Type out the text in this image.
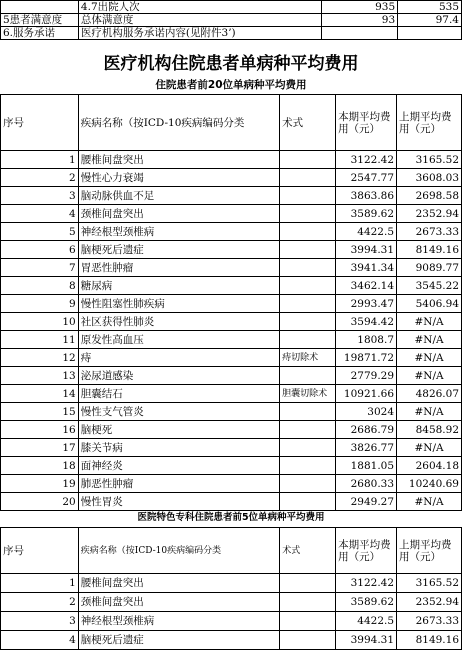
	4.7出院人次	935	535
5患者满意度	总体满意度	93	97.4
6.服务承诺	医疗机构服务承诺内容(见附件3’)		
医疗机构住院患者单病种平均费用
住院患者前20位单病种平均费用
序号	疾病名称（按ICD-10疾病编码分类	术式	本期平均费用（元）	上期平均费用（元）
1	腰椎间盘突出		3122.42	3165.52
2	慢性心力衰竭		2547.77	3608.03
3	脑动脉供血不足		3863.86	2698.58
4	颈椎间盘突出		3589.62	2352.94
5	神经根型颈椎病		4422.5	2673.33
6	脑梗死后遗症		3994.31	8149.16
7	胃恶性肿瘤		3941.34	9089.77
8	糖尿病		3462.14	3545.22
9	慢性阻塞性肺疾病		2993.47	5406.94
10	社区获得性肺炎		3594.42	#N/A
11	原发性高血压		1808.7	#N/A
12	痔	痔切除术	19871.72	#N/A
13	泌尿道感染		2779.29	#N/A
14	胆囊结石	胆囊切除术	10921.66	4826.07
15	慢性支气管炎		3024	#N/A
16	脑梗死		2686.79	8458.92
17	膝关节病		3826.77	#N/A
18	面神经炎		1881.05	2604.18
19	肺恶性肿瘤		2680.33	10240.69
20	慢性胃炎		2949.27	#N/A
医院特色专科住院患者前5位单病种平均费用
序号	疾病名称（按ICD-10疾病编码分类	术式	本期平均费用（元）	上期平均费用（元）
1	腰椎间盘突出		3122.42	3165.52
2	颈椎间盘突出		3589.62	2352.94
3	神经根型颈椎病		4422.5	2673.33
4	脑梗死后遗症		3994.31	8149.16
